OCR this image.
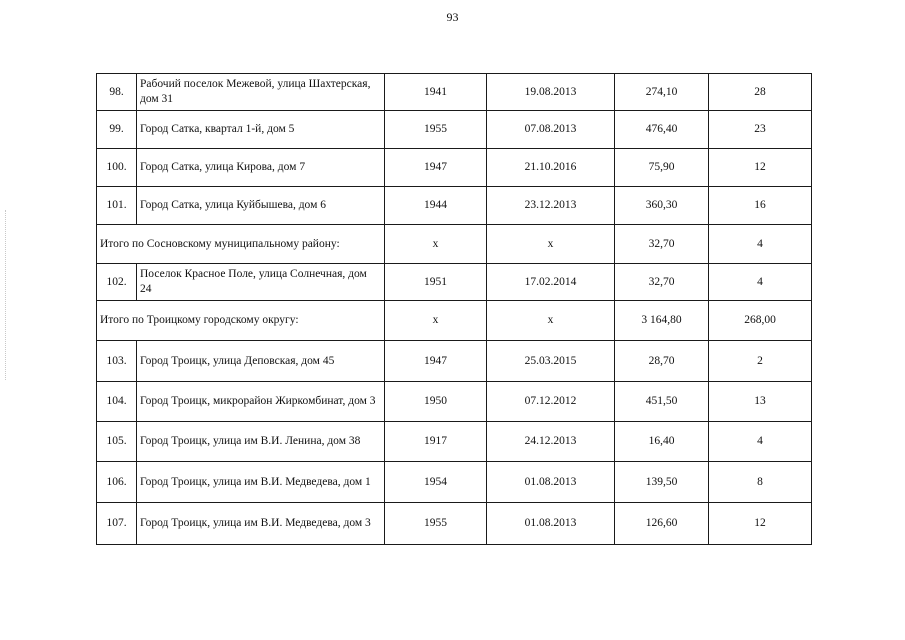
93
98.	Рабочий поселок Межевой, улица Шахтерская, дом 31	1941	19.08.2013	274,10	28
99.	Город Сатка, квартал 1-й, дом 5	1955	07.08.2013	476,40	23
100.	Город Сатка, улица Кирова, дом 7	1947	21.10.2016	75,90	12
101.	Город Сатка, улица Куйбышева, дом 6	1944	23.12.2013	360,30	16
Итого по Сосновскому муниципальному району:		x	x	32,70	4
102.	Поселок Красное Поле, улица Солнечная, дом 24	1951	17.02.2014	32,70	4
Итого по Троицкому городскому округу:		x	x	3 164,80	268,00
103.	Город Троицк, улица Деповская, дом 45	1947	25.03.2015	28,70	2
104.	Город Троицк, микрорайон Жиркомбинат, дом 3	1950	07.12.2012	451,50	13
105.	Город Троицк, улица им В.И. Ленина, дом 38	1917	24.12.2013	16,40	4
106.	Город Троицк, улица им В.И. Медведева, дом 1	1954	01.08.2013	139,50	8
107.	Город Троицк, улица им В.И. Медведева, дом 3	1955	01.08.2013	126,60	12
